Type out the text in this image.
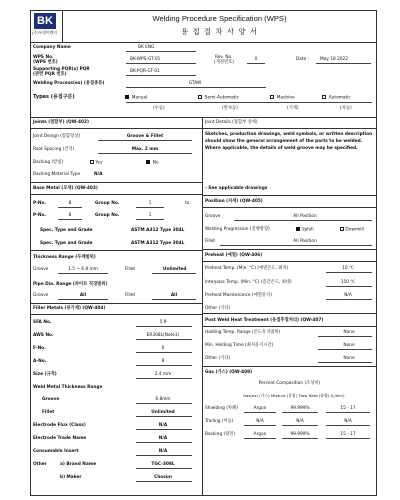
BK
(주)부경이엔지
Welding Procedure Specification (WPS)
용 접 절 차 사 양 서
Company Name	BK ENG
WPS No.
(WPS 번호)
BK-WPS-GT-01	Rev. No.
(개정번호)
0	Date :	May 18 2022
Supporting PQR(s) PQR
(관련 PQR 번호)
BK-PQR-GT-01
Welding Process(es) (용접종류)	GTAW
Types (용접구분)	Manual
(수동)
Semi-Automatic
(반자동)
Machine
(기계)
Automatic
(자동)
Joints (접합부) (QW-402)
Joint Design (접합형상)	Groove & Fillet
Root Spacing (간격)	Max. 2 mm
Backing (받침)	Yes	No
Backing Material Type	N/A
Joint Details (접합부 상세)
Sketches, production drawings, weld symbols, or written description should show the general arrangement of the parts to be welded. Where applicable, the details of weld groove may be specified.
- See applicable drawings
Base Metal (모재) (QW-403)
P-No.	8	Group No.	1	to
P-No.	8	Group No.	1
Spec. Type and Grade	ASTM A312 Type 304L
Spec. Type and Grade	ASTM A312 Type 304L
Thickness Range (두께범위)
Groove	1.5 ~ 6.8 mm	Fillet	Unlimited
Pipe Dia. Range (파이프 직경범위)
Groove	All	Fillet	All
Position (자세) (QW-405)
Groove	All Position
Welding Progression (진행방향)	Uphill	Downhill
Fillet	All Position
Preheat (예열) (QW-406)
Preheat Temp. (Min. °C) (예열온도, 최저)	10 ℃
Interpass Temp. (Min. °C) (층간온도, 최대)	150 ℃
Preheat Maintenance (예열유지)	N/A
Other (기타)
Filler Metals (용가재) (QW-404)
SFA No.	5.9
AWS No.	ER308L(Note1)
F-No.	6
A-No.	8
Size (규격)	2.4 mm
Weld Metal Thickness Range
Groove	6.8mm
Fillet	Unlimited
Electrode Flux (Class)	N/A
Electrode Trade Name	N/A
Consumable Insert	N/A
Other	a) Brand Name	TGC-308L
b) Maker	Chosun
Post Weld Heat Treatment (용접후열처리) (QW-407)
Holding Temp. Range (온도유지범위)	None
Min. Holding Time (최저유지시간)	None
Other (기타)	None
Gas (가스) (QW-408)
Percent Composition (조성비)
Gas(es) (가스) Mixture (혼합) Flow Rate (유량) (L/min)
Shielding (차폐)	Argon	99.999%	15 - 17
Trailing (이동)	N/A	N/A	N/A
Backing (뒷면)	Argon	99.999%	15 - 17
